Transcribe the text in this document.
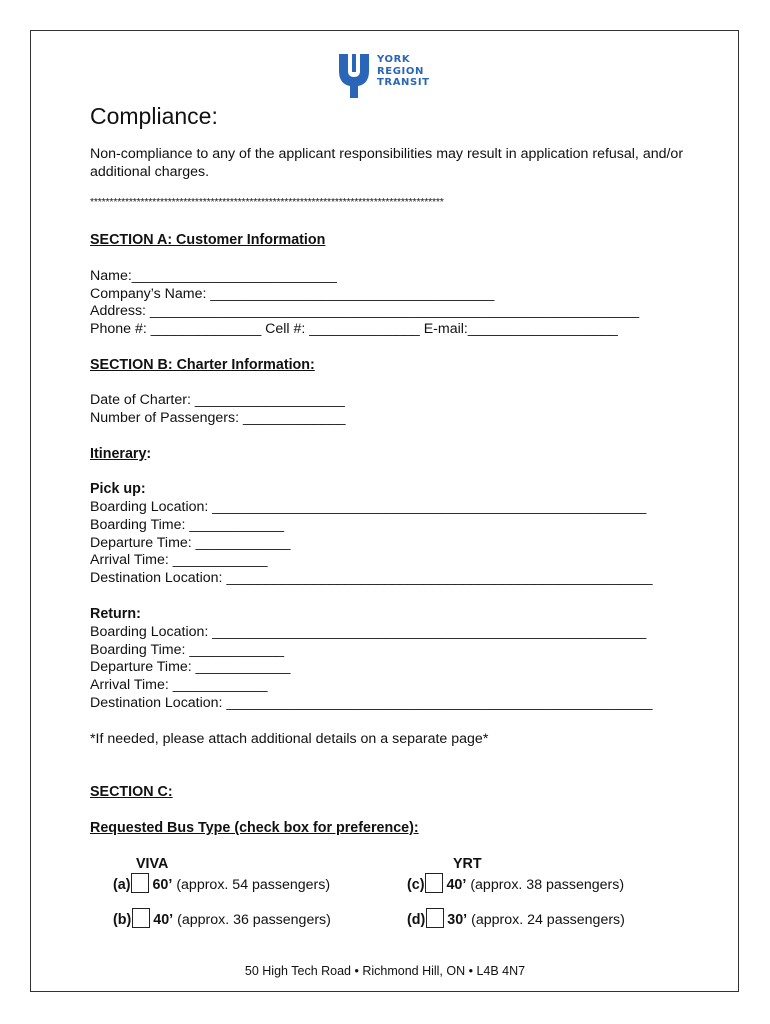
YORK
REGION
TRANSIT
Compliance:
Non-compliance to any of the applicant responsibilities may result in application refusal, and/or additional charges.
*******************************************************************************************
SECTION A: Customer Information
Name:__________________________
Company’s Name: ____________________________________
Address: ______________________________________________________________
Phone #: ______________ Cell #: ______________ E-mail:___________________
SECTION B: Charter Information:
Date of Charter: ___________________
Number of Passengers: _____________
Itinerary:
Pick up:
Boarding Location: _______________________________________________________
Boarding Time: ____________
Departure Time: ____________
Arrival Time: ____________
Destination Location: ______________________________________________________
Return:
Boarding Location: _______________________________________________________
Boarding Time: ____________
Departure Time: ____________
Arrival Time: ____________
Destination Location: ______________________________________________________
*If needed, please attach additional details on a separate page*
SECTION C:
Requested Bus Type (check box for preference):
VIVA	YRT
(a) 60’ (approx. 54 passengers)
(b) 40’ (approx. 36 passengers)
(c) 40’ (approx. 38 passengers)
(d) 30’ (approx. 24 passengers)
50 High Tech Road • Richmond Hill, ON • L4B 4N7
